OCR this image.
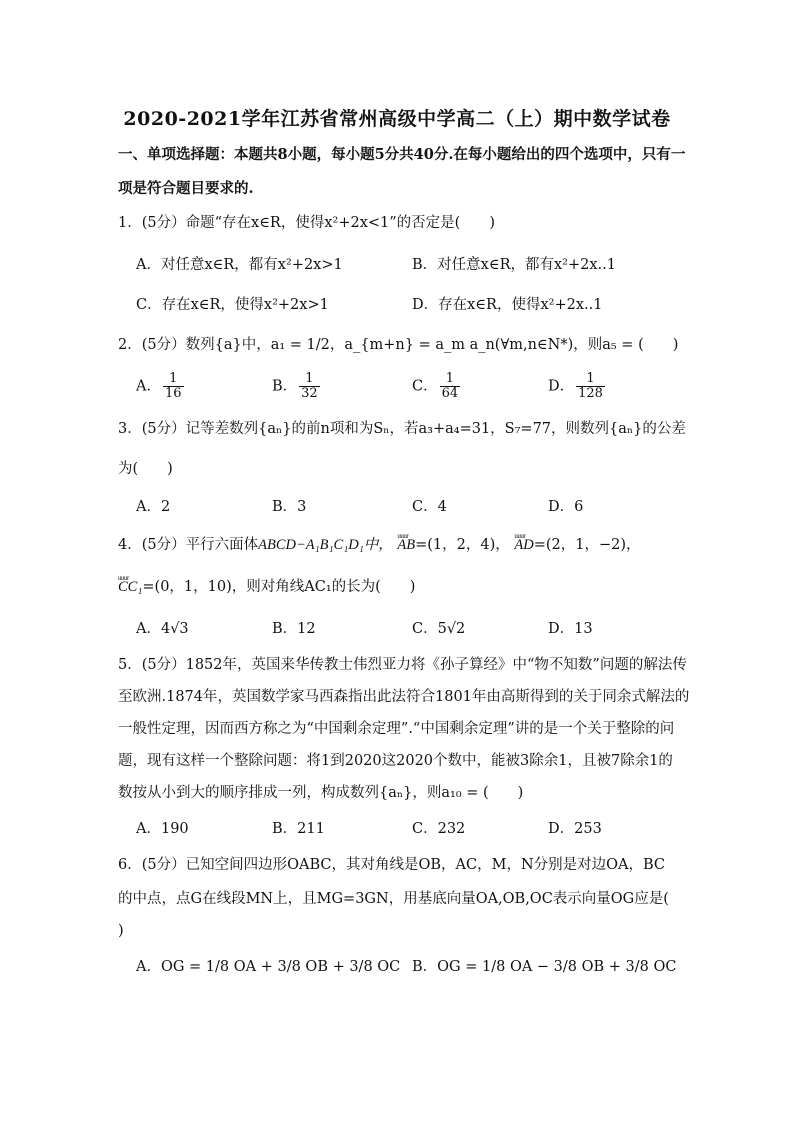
2020-2021学年江苏省常州高级中学高二（上）期中数学试卷
一、单项选择题：本题共8小题，每小题5分共40分.在每小题给出的四个选项中，只有一
项是符合题目要求的.
1．(5分）命题“存在x∈R，使得x²+2x<1”的否定是(　　)
A．对任意x∈R，都有x²+2x>1	B．对任意x∈R，都有x²+2x..1
C．存在x∈R，使得x²+2x>1	D．存在x∈R，使得x²+2x..1
2．(5分）数列{a}中，a₁ = 1/2，a_{m+n} = a_m a_n(∀m,n∈N*)，则a₅ = (　　)
A． $\frac{1}{16}$	B． $\frac{1}{32}$	C． $\frac{1}{64}$	D． $\frac{1}{128}$
3．(5分）记等差数列{aₙ}的前n项和为Sₙ，若a₃+a₄=31，S₇=77，则数列{aₙ}的公差
为(　　)
A．2	B．3	C．4	D．6
4．(5分）平行六面体ABCD−A₁B₁C₁D₁中， uuur AB=(1，2，4)， uuur AD=(2，1，−2)，
uuur CC₁=(0，1，10)，则对角线AC₁的长为(　　)
A．4√3	B．12	C．5√2	D．13
5．(5分）1852年，英国来华传教士伟烈亚力将《孙子算经》中“物不知数”问题的解法传
至欧洲.1874年，英国数学家马西森指出此法符合1801年由高斯得到的关于同余式解法的
一般性定理，因而西方称之为“中国剩余定理”.“中国剩余定理”讲的是一个关于整除的问
题，现有这样一个整除问题：将1到2020这2020个数中，能被3除余1，且被7除余1的
数按从小到大的顺序排成一列，构成数列{aₙ}，则a₁₀ = (　　)
A．190	B．211	C．232	D．253
6．(5分）已知空间四边形OABC，其对角线是OB，AC，M，N分别是对边OA，BC
的中点，点G在线段MN上，且MG=3GN，用基底向量OA,OB,OC表示向量OG应是(
)
A．OG = 1/8 OA + 3/8 OB + 3/8 OC B．OG = 1/8 OA − 3/8 OB + 3/8 OC
